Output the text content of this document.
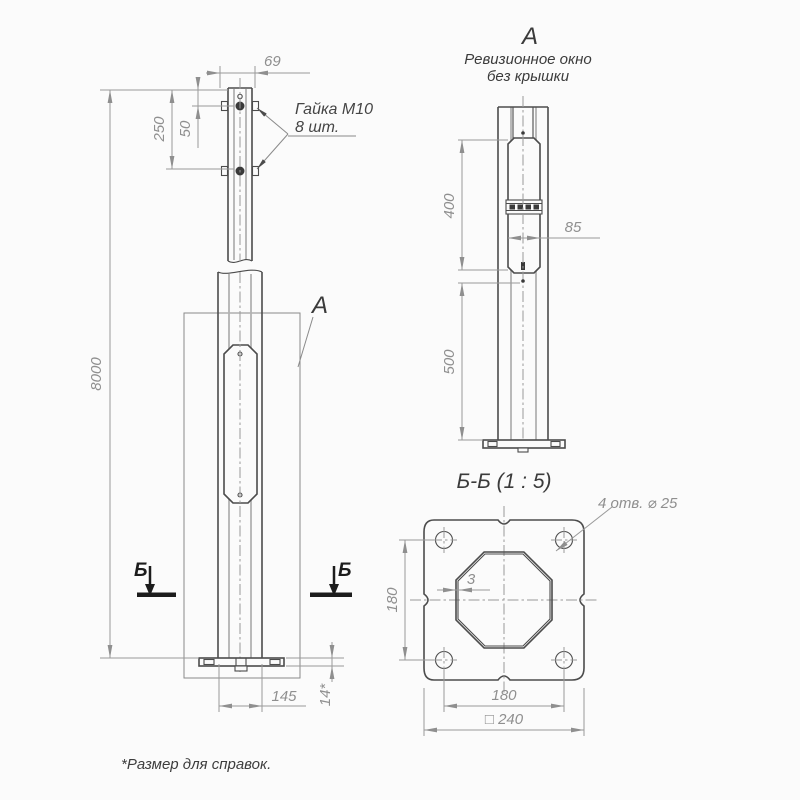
69
250 50
8000
Гайка М10
8 шт.
А
Б	Б
145 14*
А
Ревизионное окно
без крышки
400
85
500
Б-Б (1 : 5)
4 отв. ⌀ 25
3
180
180
□ 240
*Размер для справок.
